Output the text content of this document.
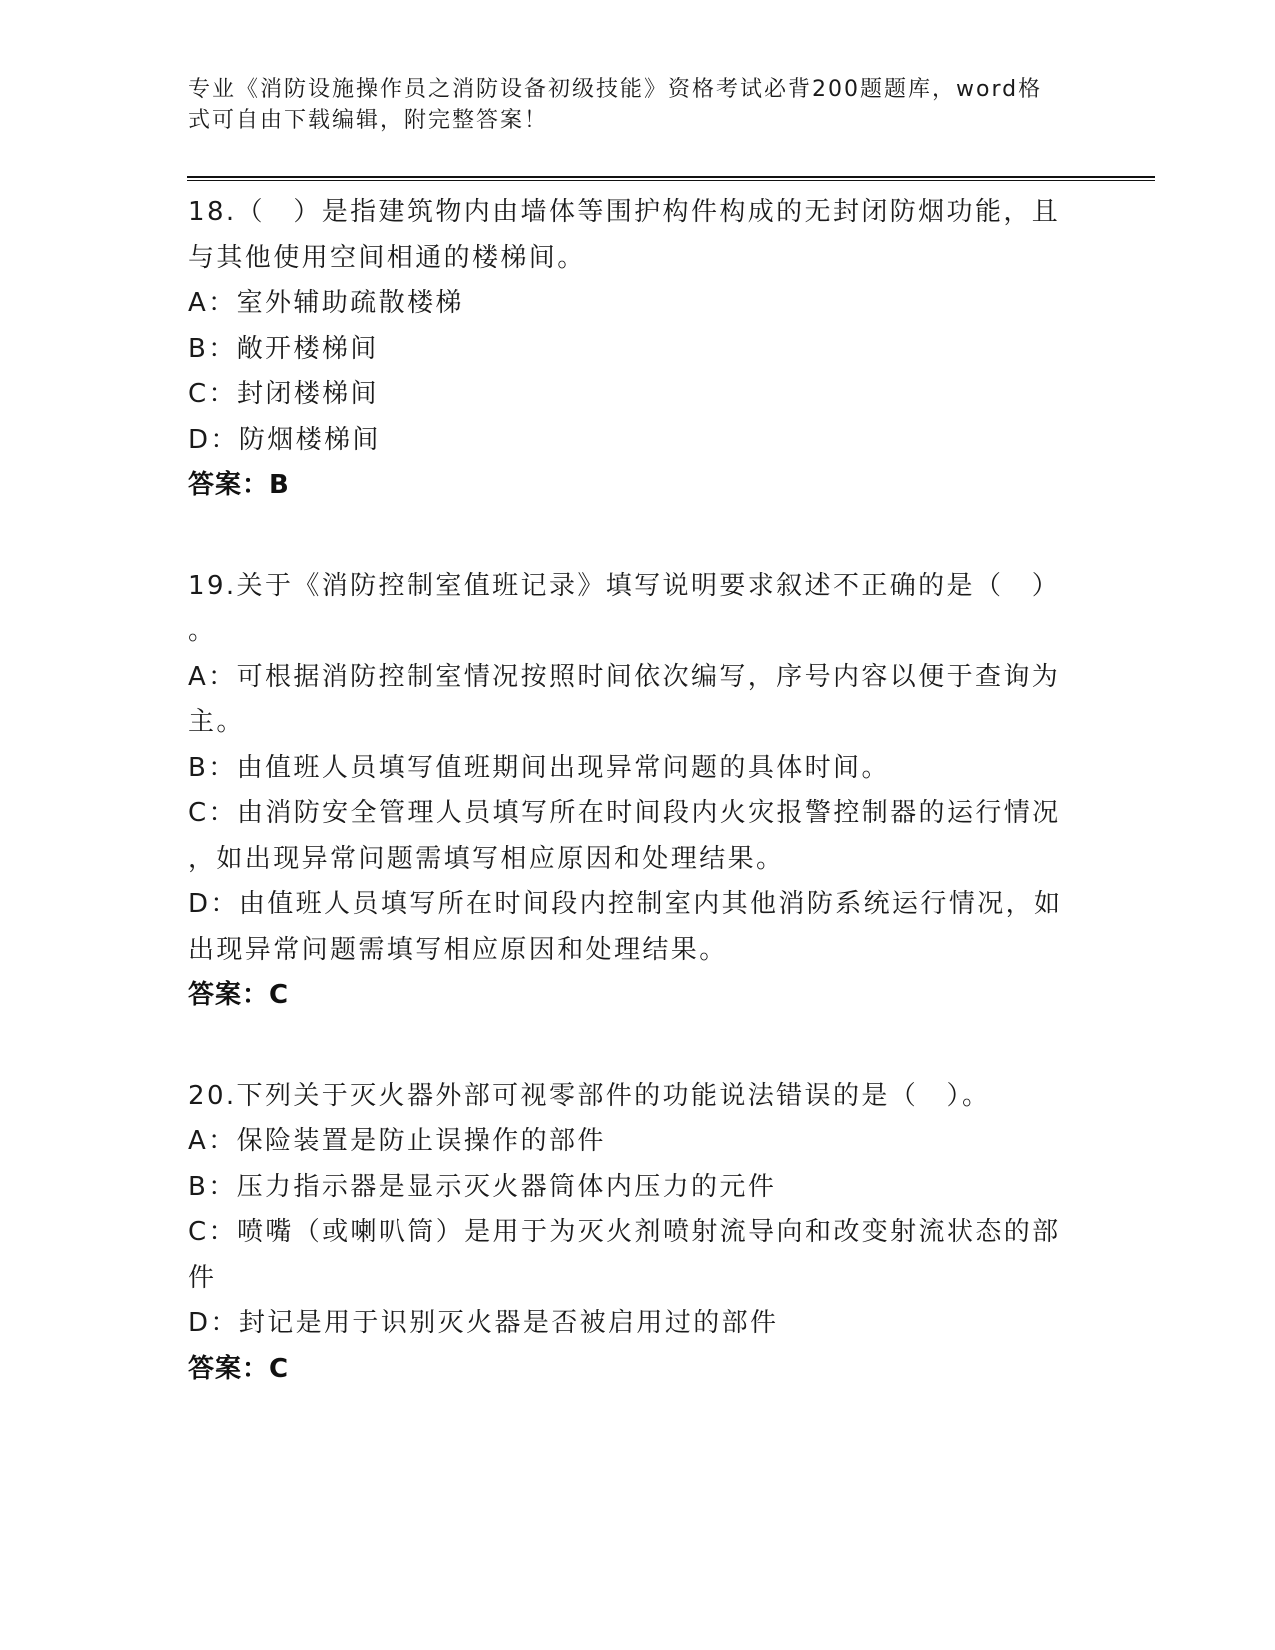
专业《消防设施操作员之消防设备初级技能》资格考试必背200题题库，word格
式可自由下载编辑，附完整答案！
18.（　）是指建筑物内由墙体等围护构件构成的无封闭防烟功能，且
与其他使用空间相通的楼梯间。
A：室外辅助疏散楼梯
B：敞开楼梯间
C：封闭楼梯间
D：防烟楼梯间
答案：B
19.关于《消防控制室值班记录》填写说明要求叙述不正确的是（　）
。
A：可根据消防控制室情况按照时间依次编写，序号内容以便于查询为
主。
B：由值班人员填写值班期间出现异常问题的具体时间。
C：由消防安全管理人员填写所在时间段内火灾报警控制器的运行情况
，如出现异常问题需填写相应原因和处理结果。
D：由值班人员填写所在时间段内控制室内其他消防系统运行情况，如
出现异常问题需填写相应原因和处理结果。
答案：C
20.下列关于灭火器外部可视零部件的功能说法错误的是（　）。
A：保险装置是防止误操作的部件
B：压力指示器是显示灭火器筒体内压力的元件
C：喷嘴（或喇叭筒）是用于为灭火剂喷射流导向和改变射流状态的部
件
D：封记是用于识别灭火器是否被启用过的部件
答案：C
